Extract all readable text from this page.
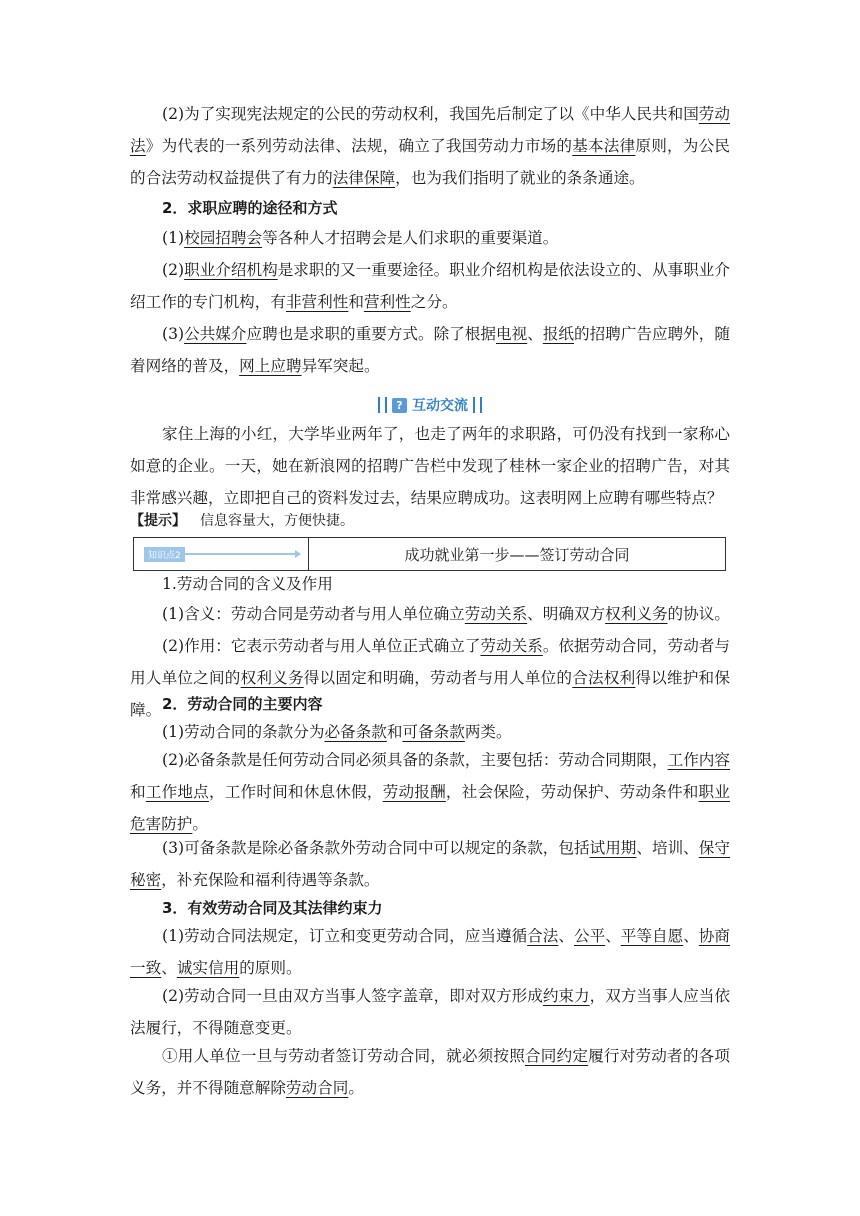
(2)为了实现宪法规定的公民的劳动权利，我国先后制定了以《中华人民共和国劳动法》为代表的一系列劳动法律、法规，确立了我国劳动力市场的基本法律原则，为公民的合法劳动权益提供了有力的法律保障，也为我们指明了就业的条条通途。

2．求职应聘的途径和方式

(1)校园招聘会等各种人才招聘会是人们求职的重要渠道。

(2)职业介绍机构是求职的又一重要途径。职业介绍机构是依法设立的、从事职业介绍工作的专门机构，有非营利性和营利性之分。

(3)公共媒介应聘也是求职的重要方式。除了根据电视、报纸的招聘广告应聘外，随着网络的普及，网上应聘异军突起。

? 互动交流

家住上海的小红，大学毕业两年了，也走了两年的求职路，可仍没有找到一家称心如意的企业。一天，她在新浪网的招聘广告栏中发现了桂林一家企业的招聘广告，对其非常感兴趣，立即把自己的资料发过去，结果应聘成功。这表明网上应聘有哪些特点？

【提示】 信息容量大，方便快捷。
知识点2	成功就业第一步——签订劳动合同

1.劳动合同的含义及作用

(1)含义：劳动合同是劳动者与用人单位确立劳动关系、明确双方权利义务的协议。

(2)作用：它表示劳动者与用人单位正式确立了劳动关系。依据劳动合同，劳动者与用人单位之间的权利义务得以固定和明确，劳动者与用人单位的合法权利得以维护和保障。 2．劳动合同的主要内容

(1)劳动合同的条款分为必备条款和可备条款两类。

(2)必备条款是任何劳动合同必须具备的条款，主要包括：劳动合同期限，工作内容和工作地点，工作时间和休息休假，劳动报酬，社会保险，劳动保护、劳动条件和职业危害防护。

(3)可备条款是除必备条款外劳动合同中可以规定的条款，包括试用期、培训、保守秘密，补充保险和福利待遇等条款。

3．有效劳动合同及其法律约束力

(1)劳动合同法规定，订立和变更劳动合同，应当遵循合法、公平、平等自愿、协商一致、诚实信用的原则。

(2)劳动合同一旦由双方当事人签字盖章，即对双方形成约束力，双方当事人应当依法履行，不得随意变更。

①用人单位一旦与劳动者签订劳动合同，就必须按照合同约定履行对劳动者的各项义务，并不得随意解除劳动合同。
